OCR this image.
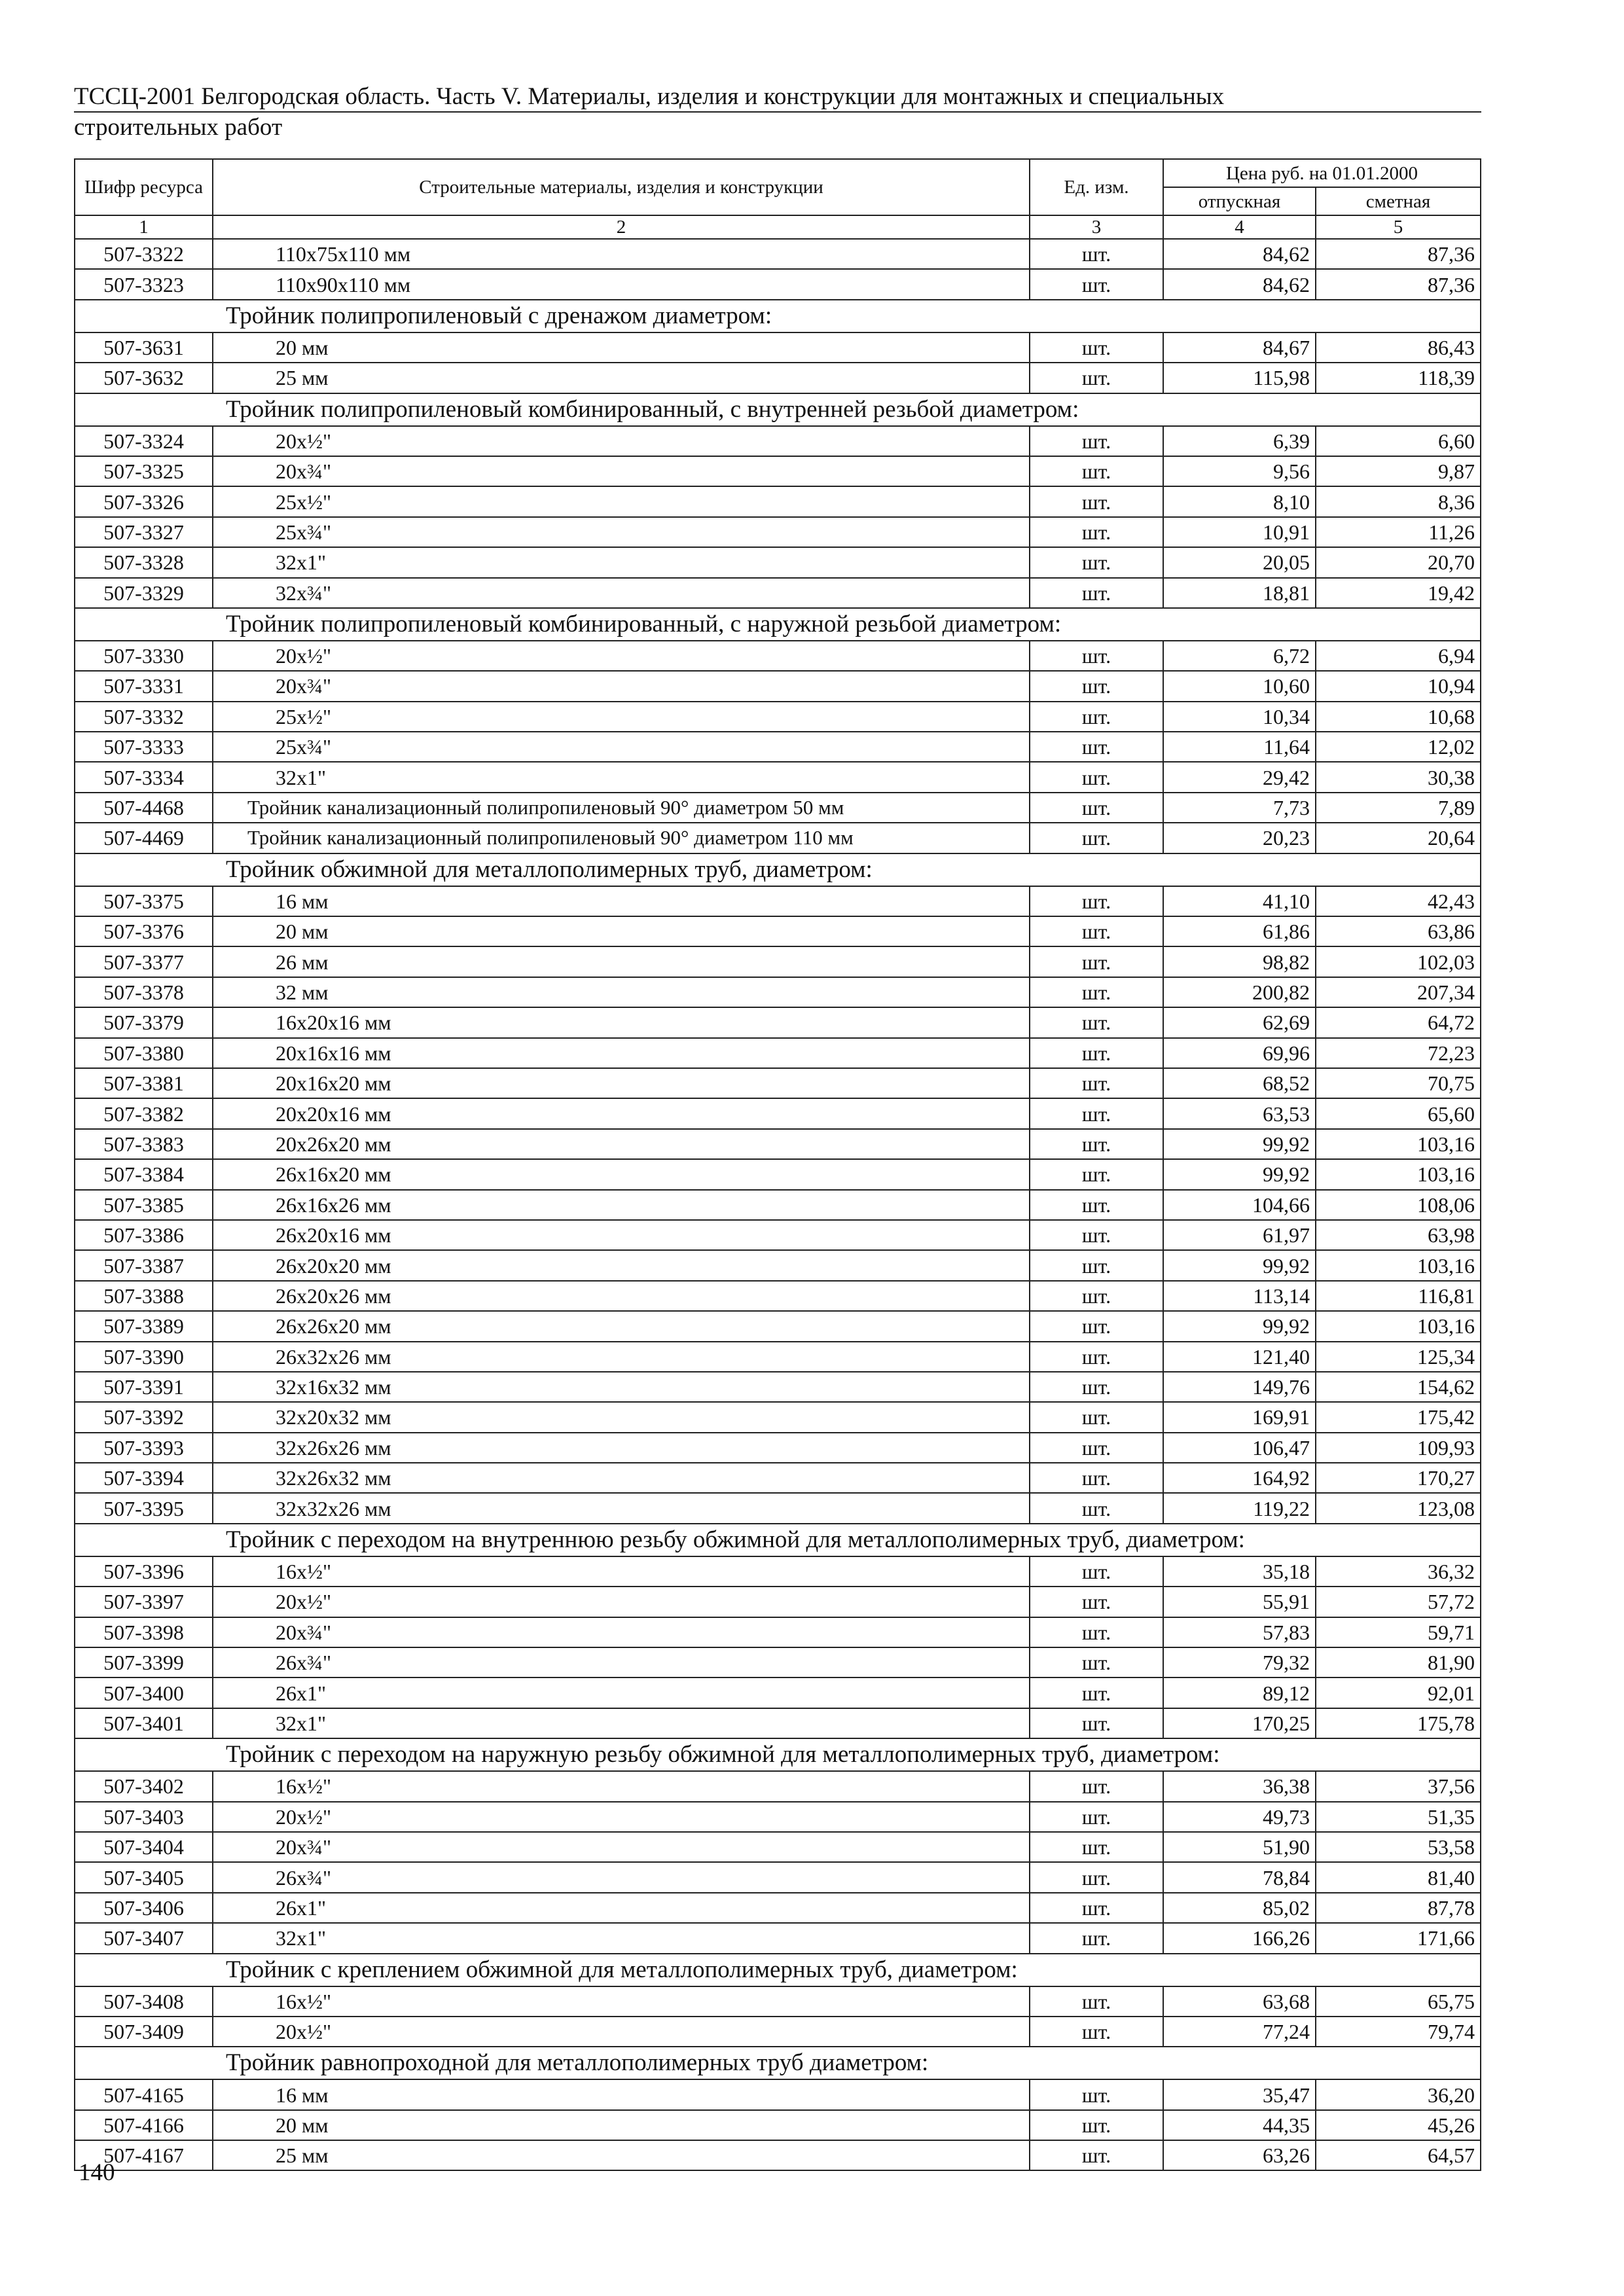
ТССЦ-2001 Белгородская область. Часть V. Материалы, изделия и конструкции для монтажных и специальных
строительных работ
Шифр ресурса	Строительные материалы, изделия и конструкции	Ед. изм.	Цена руб. на 01.01.2000	
			отпускная	сметная
1	2	3	4	5
507-3322	110х75х110 мм	шт.	84,62	87,36
507-3323	110х90х110 мм	шт.	84,62	87,36
Тройник полипропиленовый с дренажом диаметром:				
507-3631	20 мм	шт.	84,67	86,43
507-3632	25 мм	шт.	115,98	118,39
Тройник полипропиленовый комбинированный, с внутренней резьбой диаметром:				
507-3324	20х½"	шт.	6,39	6,60
507-3325	20х¾"	шт.	9,56	9,87
507-3326	25х½"	шт.	8,10	8,36
507-3327	25х¾"	шт.	10,91	11,26
507-3328	32х1"	шт.	20,05	20,70
507-3329	32х¾"	шт.	18,81	19,42
Тройник полипропиленовый комбинированный, с наружной резьбой диаметром:				
507-3330	20х½"	шт.	6,72	6,94
507-3331	20х¾"	шт.	10,60	10,94
507-3332	25х½"	шт.	10,34	10,68
507-3333	25х¾"	шт.	11,64	12,02
507-3334	32х1"	шт.	29,42	30,38
507-4468	Тройник канализационный полипропиленовый 90° диаметром 50 мм	шт.	7,73	7,89
507-4469	Тройник канализационный полипропиленовый 90° диаметром 110 мм	шт.	20,23	20,64
Тройник обжимной для металлополимерных труб, диаметром:				
507-3375	16 мм	шт.	41,10	42,43
507-3376	20 мм	шт.	61,86	63,86
507-3377	26 мм	шт.	98,82	102,03
507-3378	32 мм	шт.	200,82	207,34
507-3379	16х20х16 мм	шт.	62,69	64,72
507-3380	20х16х16 мм	шт.	69,96	72,23
507-3381	20х16х20 мм	шт.	68,52	70,75
507-3382	20х20х16 мм	шт.	63,53	65,60
507-3383	20х26х20 мм	шт.	99,92	103,16
507-3384	26х16х20 мм	шт.	99,92	103,16
507-3385	26х16х26 мм	шт.	104,66	108,06
507-3386	26х20х16 мм	шт.	61,97	63,98
507-3387	26х20х20 мм	шт.	99,92	103,16
507-3388	26х20х26 мм	шт.	113,14	116,81
507-3389	26х26х20 мм	шт.	99,92	103,16
507-3390	26х32х26 мм	шт.	121,40	125,34
507-3391	32х16х32 мм	шт.	149,76	154,62
507-3392	32х20х32 мм	шт.	169,91	175,42
507-3393	32х26х26 мм	шт.	106,47	109,93
507-3394	32х26х32 мм	шт.	164,92	170,27
507-3395	32х32х26 мм	шт.	119,22	123,08
Тройник с переходом на внутреннюю резьбу обжимной для металлополимерных труб, диаметром:				
507-3396	16х½"	шт.	35,18	36,32
507-3397	20х½"	шт.	55,91	57,72
507-3398	20х¾"	шт.	57,83	59,71
507-3399	26х¾"	шт.	79,32	81,90
507-3400	26х1"	шт.	89,12	92,01
507-3401	32х1"	шт.	170,25	175,78
Тройник с переходом на наружную резьбу обжимной для металлополимерных труб, диаметром:				
507-3402	16х½"	шт.	36,38	37,56
507-3403	20х½"	шт.	49,73	51,35
507-3404	20х¾"	шт.	51,90	53,58
507-3405	26х¾"	шт.	78,84	81,40
507-3406	26х1"	шт.	85,02	87,78
507-3407	32х1"	шт.	166,26	171,66
Тройник с креплением обжимной для металлополимерных труб, диаметром:				
507-3408	16х½"	шт.	63,68	65,75
507-3409	20х½"	шт.	77,24	79,74
Тройник равнопроходной для металлополимерных труб диаметром:				
507-4165	16 мм	шт.	35,47	36,20
507-4166	20 мм	шт.	44,35	45,26
507-4167	25 мм	шт.	63,26	64,57
140
